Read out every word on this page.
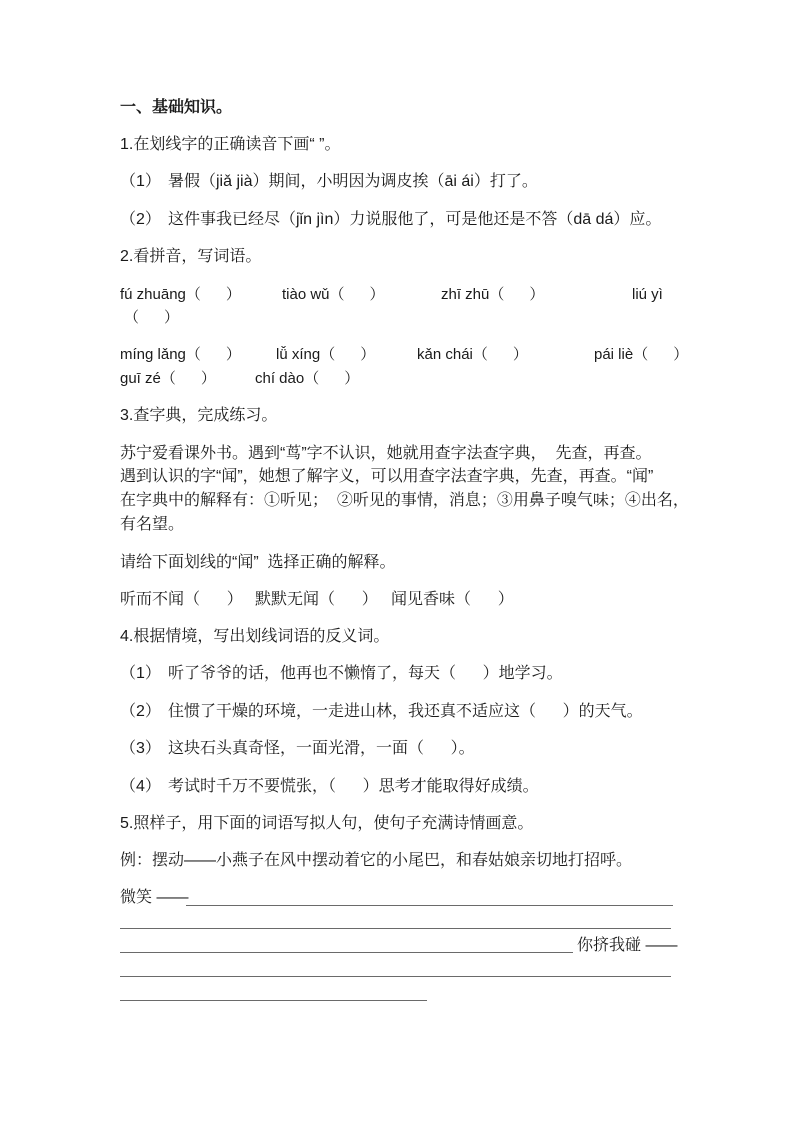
一、基础知识。
1.在划线字的正确读音下画“ ”。
（1） 暑假（jiǎ jià）期间，小明因为调皮挨（āi ái）打了。
（2） 这件事我已经尽（jǐn jìn）力说服他了，可是他还是不答（dā dá）应。
2.看拼音，写词语。
fú zhuāng（      ）	tiào wǔ（      ）	zhī zhū（      ）	liú yì
（      ）
míng lǎng（      ） lǚ xíng（      ）	kǎn chái（      ）	pái liè（      ）
guī zé（      ）	chí dào（      ）
3.查字典，完成练习。
苏宁爱看课外书。遇到“茑”字不认识，她就用查字法查字典，  先查，再查。
遇到认识的字“闻”，她想了解字义，可以用查字法查字典，先查，再查。“闻”
在字典中的解释有：①听见；  ②听见的事情，消息；③用鼻子嗅气味；④出名，
有名望。
请给下面划线的“闻”  选择正确的解释。
听而不闻（      ） 默默无闻（      ） 闻见香味（      ）
4.根据情境，写出划线词语的反义词。
（1） 听了爷爷的话，他再也不懒惰了，每天（      ）地学习。
（2） 住惯了干燥的环境，一走进山林，我还真不适应这（      ）的天气。
（3） 这块石头真奇怪，一面光滑，一面（      ）。
（4） 考试时千万不要慌张，（      ）思考才能取得好成绩。
5.照样子，用下面的词语写拟人句，使句子充满诗情画意。
例：摆动——小燕子在风中摆动着它的小尾巴，和春姑娘亲切地打招呼。
微笑 ——
你挤我碰 ——
